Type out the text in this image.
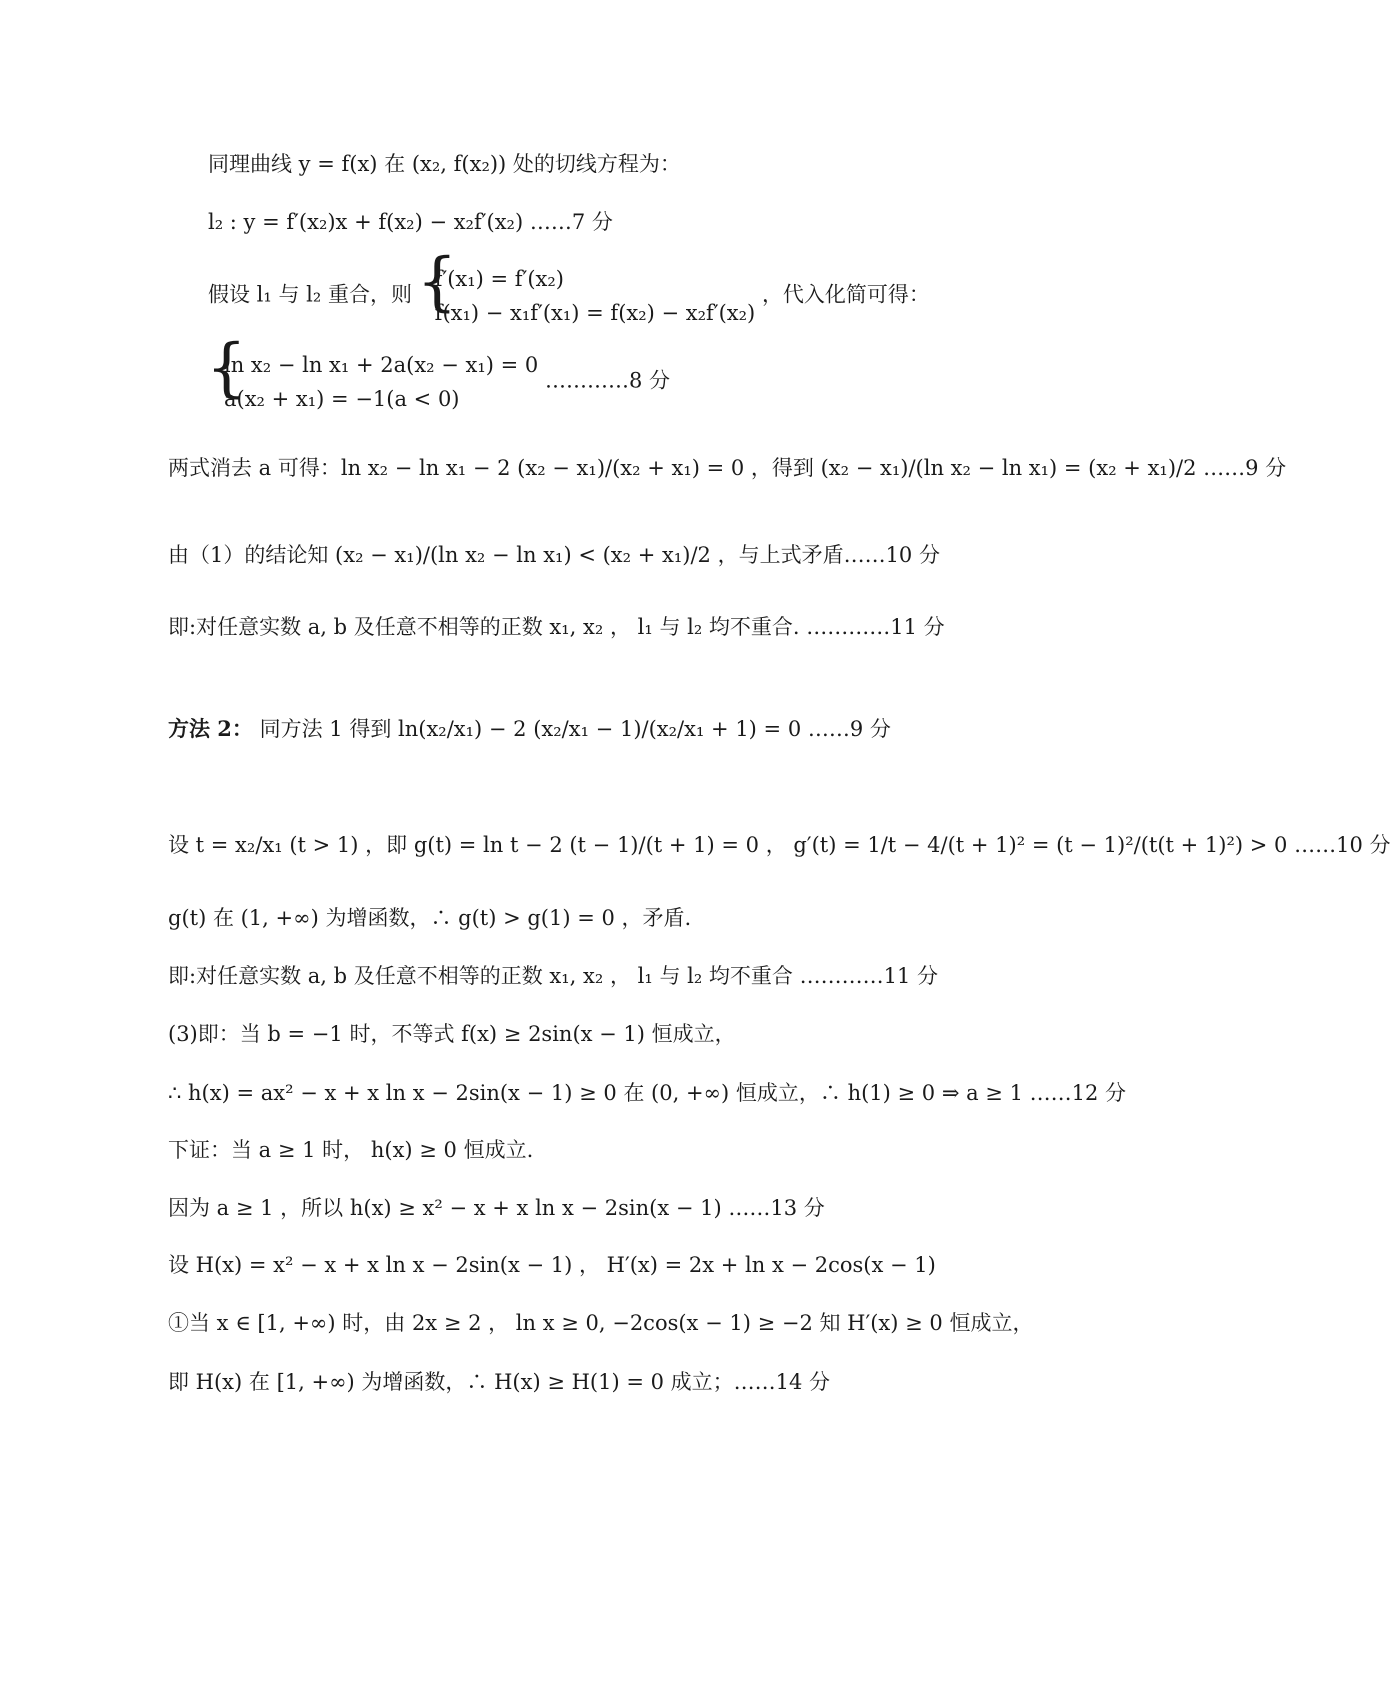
同理曲线 y = f(x) 在 (x₂, f(x₂)) 处的切线方程为：
l₂ : y = f′(x₂)x + f(x₂) − x₂f′(x₂) ……7 分
假设 l₁ 与 l₂ 重合，则
{ f′(x₁) = f′(x₂)
f(x₁) − x₁f′(x₁) = f(x₂) − x₂f′(x₂)
，代入化简可得：
{ ln x₂ − ln x₁ + 2a(x₂ − x₁) = 0
a(x₂ + x₁) = −1(a < 0)
…………8 分
两式消去 a 可得：ln x₂ − ln x₁ − 2 (x₂ − x₁)/(x₂ + x₁) = 0 ，得到 (x₂ − x₁)/(ln x₂ − ln x₁) = (x₂ + x₁)/2 ……9 分
由（1）的结论知 (x₂ − x₁)/(ln x₂ − ln x₁) < (x₂ + x₁)/2 ，与上式矛盾……10 分
即:对任意实数 a, b 及任意不相等的正数 x₁, x₂ ， l₁ 与 l₂ 均不重合. …………11 分
方法 2： 同方法 1 得到 ln(x₂/x₁) − 2 (x₂/x₁ − 1)/(x₂/x₁ + 1) = 0 ……9 分
设 t = x₂/x₁ (t > 1) ，即 g(t) = ln t − 2 (t − 1)/(t + 1) = 0 ， g′(t) = 1/t − 4/(t + 1)² = (t − 1)²/(t(t + 1)²) > 0 ……10 分
g(t) 在 (1, +∞) 为增函数，∴ g(t) > g(1) = 0 ，矛盾.
即:对任意实数 a, b 及任意不相等的正数 x₁, x₂ ， l₁ 与 l₂ 均不重合 …………11 分
(3)即：当 b = −1 时，不等式 f(x) ≥ 2sin(x − 1) 恒成立，
∴ h(x) = ax² − x + x ln x − 2sin(x − 1) ≥ 0 在 (0, +∞) 恒成立，∴ h(1) ≥ 0 ⇒ a ≥ 1 ……12 分
下证：当 a ≥ 1 时， h(x) ≥ 0 恒成立.
因为 a ≥ 1 ，所以 h(x) ≥ x² − x + x ln x − 2sin(x − 1) ……13 分
设 H(x) = x² − x + x ln x − 2sin(x − 1) ， H′(x) = 2x + ln x − 2cos(x − 1)
①当 x ∈ [1, +∞) 时，由 2x ≥ 2 ， ln x ≥ 0, −2cos(x − 1) ≥ −2 知 H′(x) ≥ 0 恒成立，
即 H(x) 在 [1, +∞) 为增函数，∴ H(x) ≥ H(1) = 0 成立；……14 分
